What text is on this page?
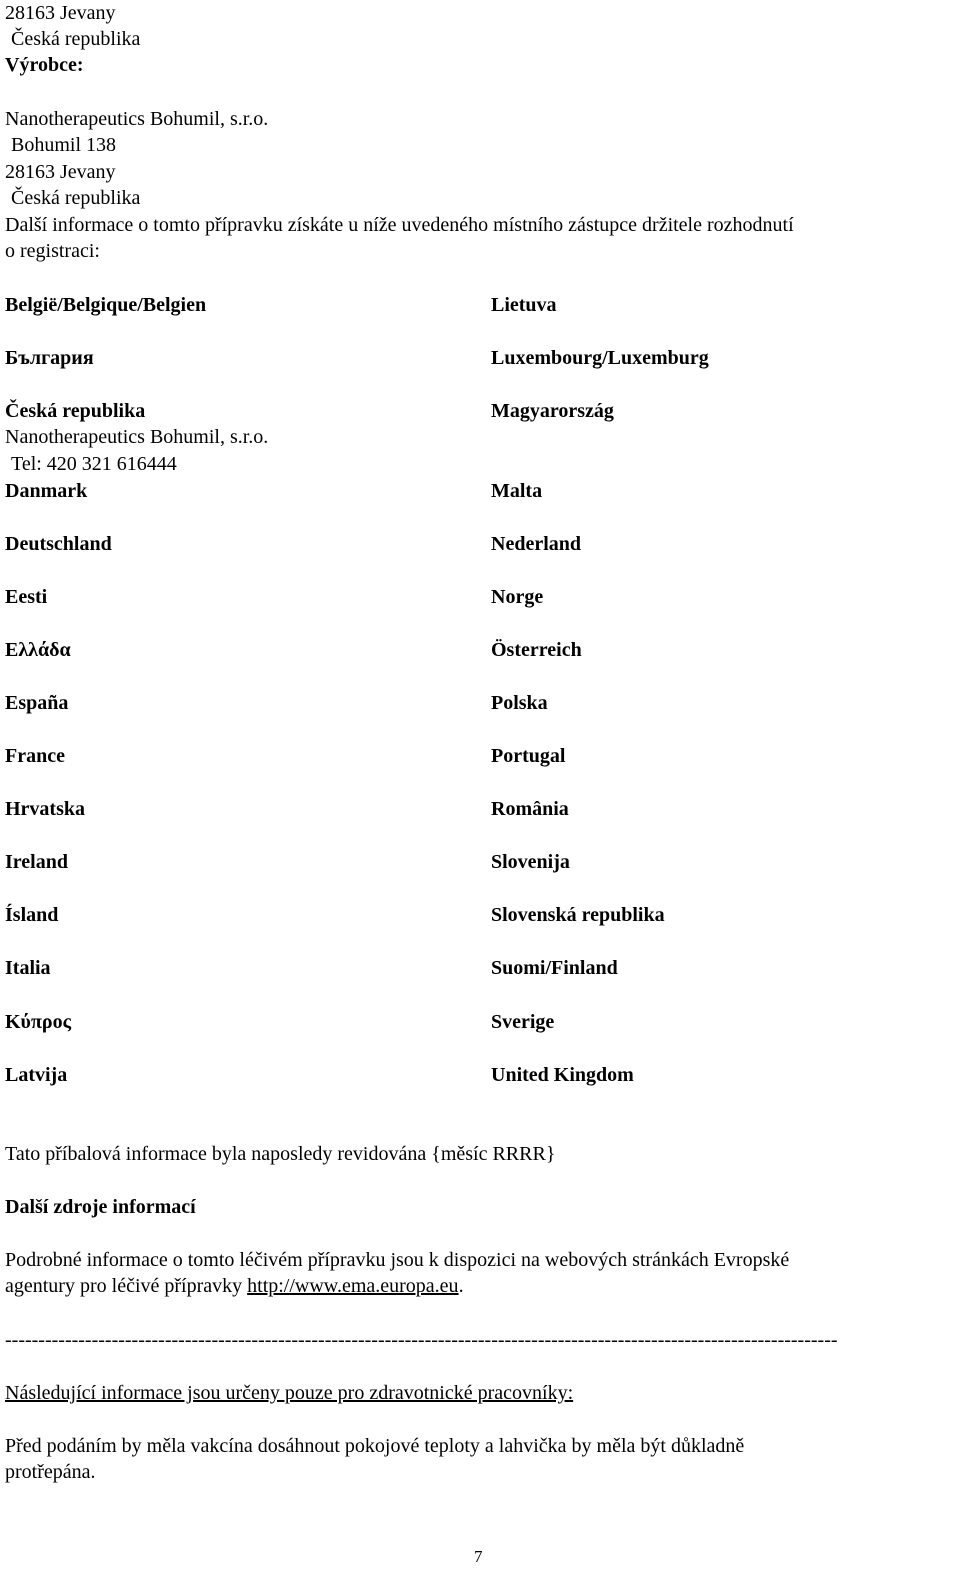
28163 Jevany
Česká republika
Výrobce:
Nanotherapeutics Bohumil, s.r.o.
Bohumil 138
28163 Jevany
Česká republika
Další informace o tomto přípravku získáte u níže uvedeného místního zástupce držitele rozhodnutí
o registraci:
België/Belgique/Belgien
България
Česká republika
Nanotherapeutics Bohumil, s.r.o.
Tel: 420 321 616444
Danmark
Deutschland
Eesti
Ελλάδα
España
France
Hrvatska
Ireland
Ísland
Italia
Κύπρος
Latvija
Lietuva
Luxembourg/Luxemburg
Magyarország
Malta
Nederland
Norge
Österreich
Polska
Portugal
România
Slovenija
Slovenská republika
Suomi/Finland
Sverige
United Kingdom
Tato příbalová informace byla naposledy revidována {měsíc RRRR}
Další zdroje informací
Podrobné informace o tomto léčivém přípravku jsou k dispozici na webových stránkách Evropské
agentury pro léčivé přípravky http://www.ema.europa.eu.
-----------------------------------------------------------------------------------------------------------------------------
Následující informace jsou určeny pouze pro zdravotnické pracovníky:
Před podáním by měla vakcína dosáhnout pokojové teploty a lahvička by měla být důkladně
protřepána.
7
